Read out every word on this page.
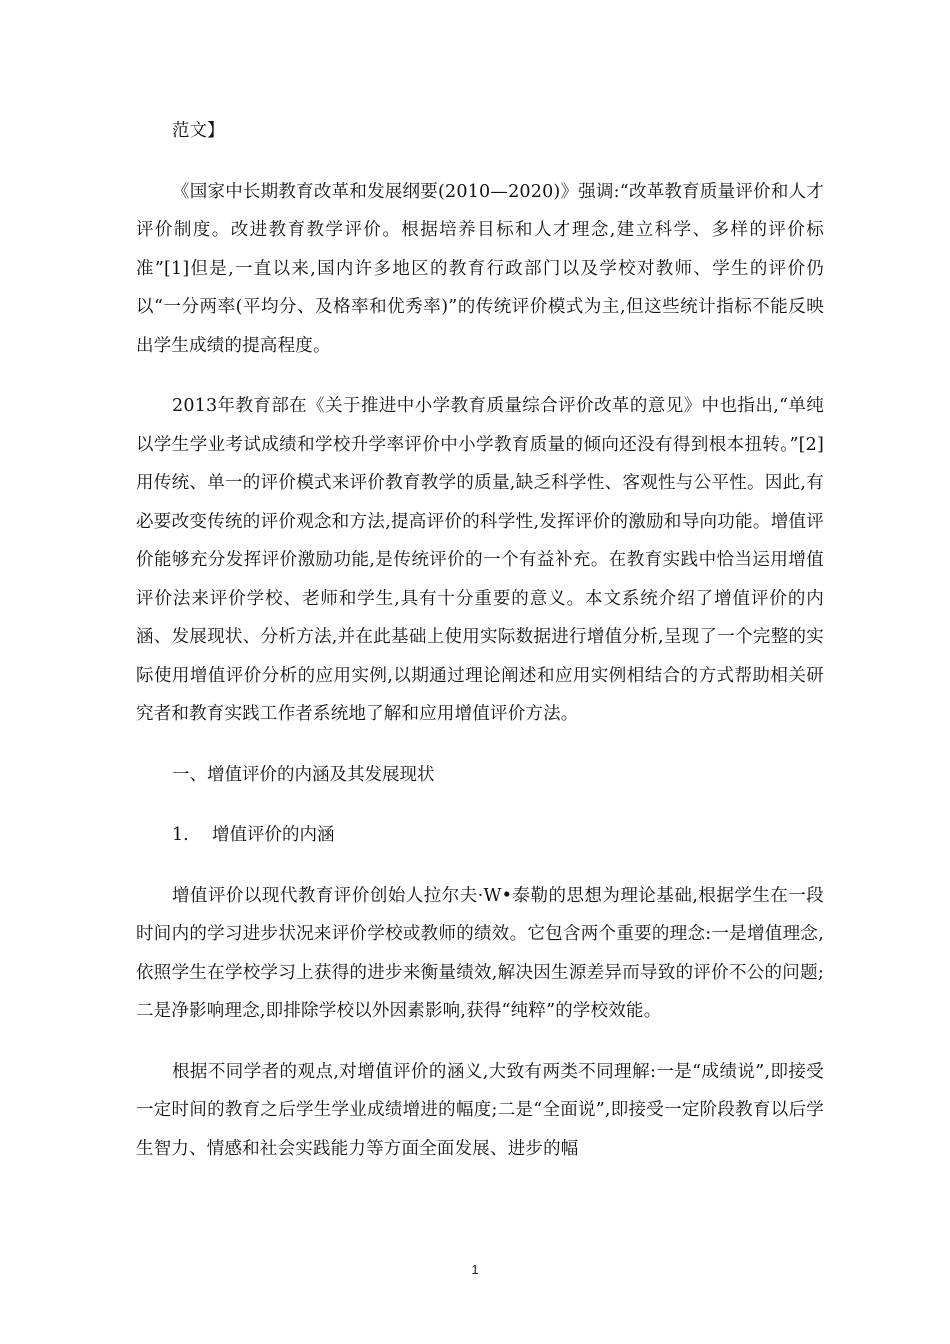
范文】

《国家中长期教育改革和发展纲要(2010—2020)》强调:“改革教育质量评价和人才评价制度。改进教育教学评价。根据培养目标和人才理念,建立科学、多样的评价标准”[1]但是,一直以来,国内许多地区的教育行政部门以及学校对教师、学生的评价仍以“一分两率(平均分、及格率和优秀率)”的传统评价模式为主,但这些统计指标不能反映出学生成绩的提高程度。

2013年教育部在《关于推进中小学教育质量综合评价改革的意见》中也指出,“单纯以学生学业考试成绩和学校升学率评价中小学教育质量的倾向还没有得到根本扭转。”[2]用传统、单一的评价模式来评价教育教学的质量,缺乏科学性、客观性与公平性。因此,有必要改变传统的评价观念和方法,提高评价的科学性,发挥评价的激励和导向功能。增值评价能够充分发挥评价激励功能,是传统评价的一个有益补充。在教育实践中恰当运用增值评价法来评价学校、老师和学生,具有十分重要的意义。本文系统介绍了增值评价的内涵、发展现状、分析方法,并在此基础上使用实际数据进行增值分析,呈现了一个完整的实际使用增值评价分析的应用实例,以期通过理论阐述和应用实例相结合的方式帮助相关研究者和教育实践工作者系统地了解和应用增值评价方法。

一、增值评价的内涵及其发展现状

1. 增值评价的内涵

增值评价以现代教育评价创始人拉尔夫·W•泰勒的思想为理论基础,根据学生在一段时间内的学习进步状况来评价学校或教师的绩效。它包含两个重要的理念:一是增值理念,依照学生在学校学习上获得的进步来衡量绩效,解决因生源差异而导致的评价不公的问题;二是净影响理念,即排除学校以外因素影响,获得“纯粹”的学校效能。

根据不同学者的观点,对增值评价的涵义,大致有两类不同理解:一是“成绩说”,即接受一定时间的教育之后学生学业成绩增进的幅度;二是“全面说”,即接受一定阶段教育以后学生智力、情感和社会实践能力等方面全面发展、进步的幅

1
